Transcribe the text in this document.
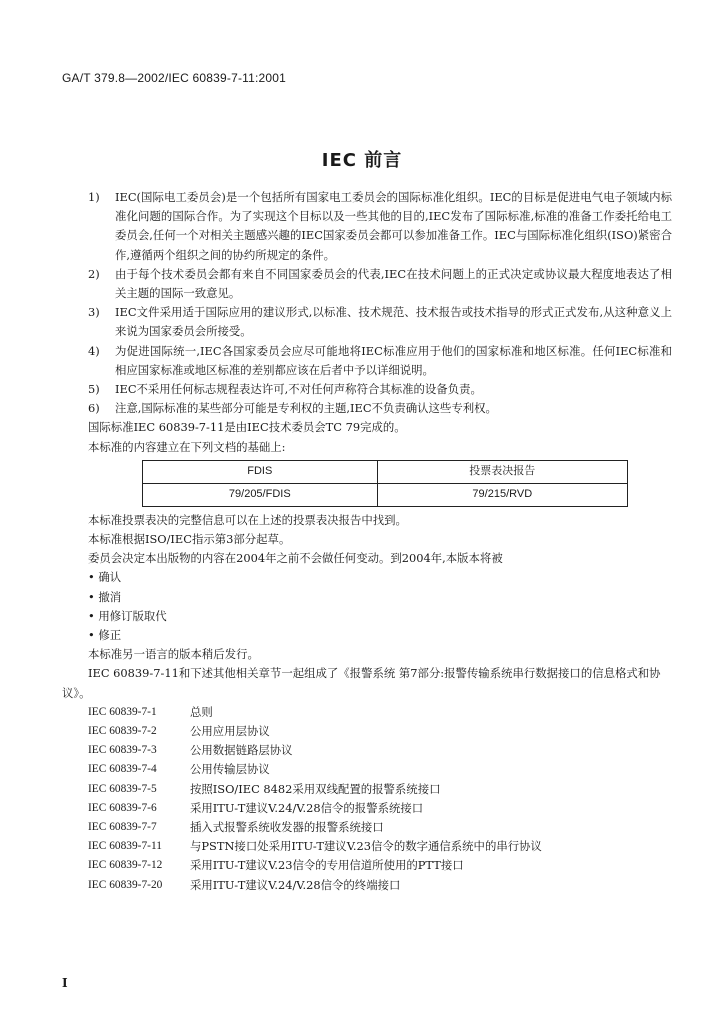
GA/T 379.8—2002/IEC 60839-7-11:2001
IEC 前言
1)	IEC(国际电工委员会)是一个包括所有国家电工委员会的国际标准化组织。IEC的目标是促进电气电子领域内标准化问题的国际合作。为了实现这个目标以及一些其他的目的,IEC发布了国际标准,标准的准备工作委托给电工委员会,任何一个对相关主题感兴趣的IEC国家委员会都可以参加准备工作。IEC与国际标准化组织(ISO)紧密合作,遵循两个组织之间的协约所规定的条件。
2)	由于每个技术委员会都有来自不同国家委员会的代表,IEC在技术问题上的正式决定或协议最大程度地表达了相关主题的国际一致意见。
3)	IEC文件采用适于国际应用的建议形式,以标准、技术规范、技术报告或技术指导的形式正式发布,从这种意义上来说为国家委员会所接受。
4)	为促进国际统一,IEC各国家委员会应尽可能地将IEC标准应用于他们的国家标准和地区标准。任何IEC标准和相应国家标准或地区标准的差别都应该在后者中予以详细说明。
5)	IEC不采用任何标志规程表达许可,不对任何声称符合其标准的设备负责。
6)	注意,国际标准的某些部分可能是专利权的主题,IEC不负责确认这些专利权。
国际标准IEC 60839-7-11是由IEC技术委员会TC 79完成的。
本标准的内容建立在下列文档的基础上:
FDIS	投票表决报告
79/205/FDIS	79/215/RVD
本标准投票表决的完整信息可以在上述的投票表决报告中找到。
本标准根据ISO/IEC指示第3部分起草。
委员会决定本出版物的内容在2004年之前不会做任何变动。到2004年,本版本将被
• 确认
• 撤消
• 用修订版取代
• 修正
本标准另一语言的版本稍后发行。
IEC 60839-7-11和下述其他相关章节一起组成了《报警系统 第7部分:报警传输系统串行数据接口的信息格式和协议》。
IEC 60839-7-1	总则
IEC 60839-7-2	公用应用层协议
IEC 60839-7-3	公用数据链路层协议
IEC 60839-7-4	公用传输层协议
IEC 60839-7-5	按照ISO/IEC 8482采用双线配置的报警系统接口
IEC 60839-7-6	采用ITU-T建议V.24/V.28信令的报警系统接口
IEC 60839-7-7	插入式报警系统收发器的报警系统接口
IEC 60839-7-11	与PSTN接口处采用ITU-T建议V.23信令的数字通信系统中的串行协议
IEC 60839-7-12	采用ITU-T建议V.23信令的专用信道所使用的PTT接口
IEC 60839-7-20	采用ITU-T建议V.24/V.28信令的终端接口
I
